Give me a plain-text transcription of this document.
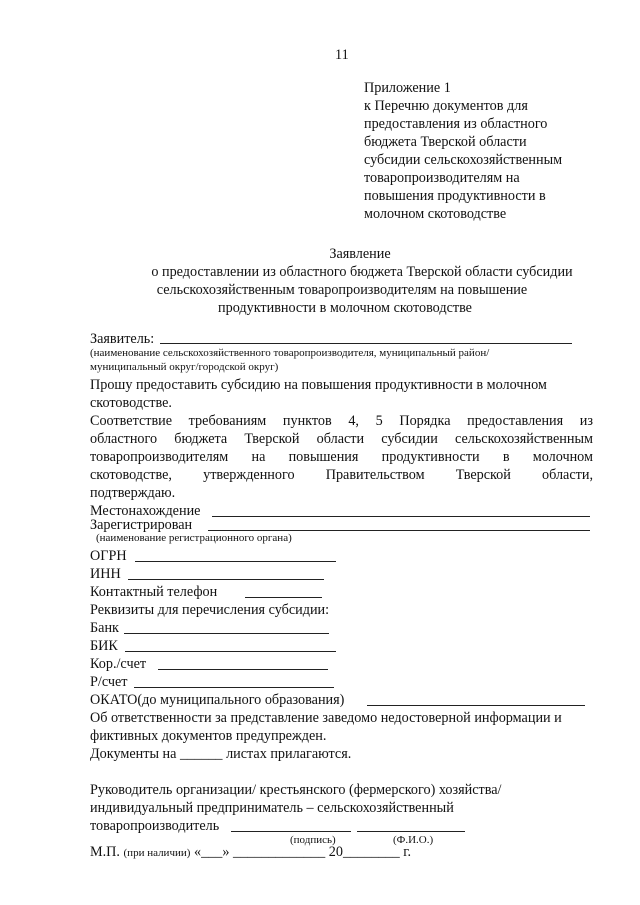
11
Приложение 1
к Перечню документов для
предоставления из областного
бюджета Тверской области
субсидии сельскохозяйственным
товаропроизводителям на
повышения продуктивности в
молочном скотоводстве
Заявление
о предоставлении из областного бюджета Тверской области субсидии
сельскохозяйственным товаропроизводителям на повышение
продуктивности в молочном скотоводстве
Заявитель:
(наименование сельскохозяйственного товаропроизводителя, муниципальный район/
муниципальный округ/городской округ)
Прошу предоставить субсидию на повышения продуктивности в молочном
скотоводстве.
Соответствие требованиям пунктов 4, 5 Порядка предоставления из
областного бюджета Тверской области субсидии сельскохозяйственным
товаропроизводителям на повышения продуктивности в молочном
скотоводстве, утвержденного Правительством Тверской области,
подтверждаю.
Местонахождение
Зарегистрирован
(наименование регистрационного органа)
ОГРН
ИНН
Контактный телефон
Реквизиты для перечисления субсидии:
Банк
БИК
Кор./счет
Р/счет
ОКАТО(до муниципального образования)
Об ответственности за представление заведомо недостоверной информации и
фиктивных документов предупрежден.
Документы на ______ листах прилагаются.
Руководитель организации/ крестьянского (фермерского) хозяйства/
индивидуальный предприниматель – сельскохозяйственный
товаропроизводитель
(подпись)	(Ф.И.О.)
М.П. (при наличии) «___» _____________ 20________ г.
